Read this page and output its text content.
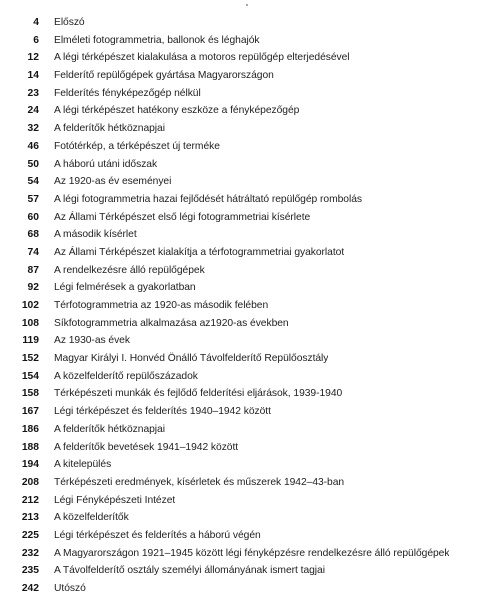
4 Előszó
6 Elméleti fotogrammetria, ballonok és léghajók
12 A légi térképészet kialakulása a motoros repülőgép elterjedésével
14 Felderítő repülőgépek gyártása Magyarországon
23 Felderítés fényképezőgép nélkül
24 A légi térképészet hatékony eszköze a fényképezőgép
32 A felderítők hétköznapjai
46 Fotótérkép, a térképészet új terméke
50 A háború utáni időszak
54 Az 1920-as év eseményei
57 A légi fotogrammetria hazai fejlődését hátráltató repülőgép rombolás
60 Az Állami Térképészet első légi fotogrammetriai kísérlete
68 A második kísérlet
74 Az Állami Térképészet kialakítja a térfotogrammetriai gyakorlatot
87 A rendelkezésre álló repülőgépek
92 Légi felmérések a gyakorlatban
102 Térfotogrammetria az 1920-as második felében
108 Síkfotogrammetria alkalmazása az1920-as években
119 Az 1930-as évek
152 Magyar Királyi I. Honvéd Önálló Távolfelderítő Repülőosztály
154 A közelfelderítő repülőszázadok
158 Térképészeti munkák és fejlődő felderítési eljárások, 1939-1940
167 Légi térképészet és felderítés 1940–1942 között
186 A felderítők hétköznapjai
188 A felderítők bevetések 1941–1942 között
194 A kitelepülés
208 Térképészeti eredmények, kísérletek és műszerek 1942–43-ban
212 Légi Fényképészeti Intézet
213 A közelfelderítők
225 Légi térképészet és felderítés a háború végén
232 A Magyarországon 1921–1945 között légi fényképzésre rendelkezésre álló repülőgépek
235 A Távolfelderítő osztály személyi állományának ismert tagjai
242 Utószó
